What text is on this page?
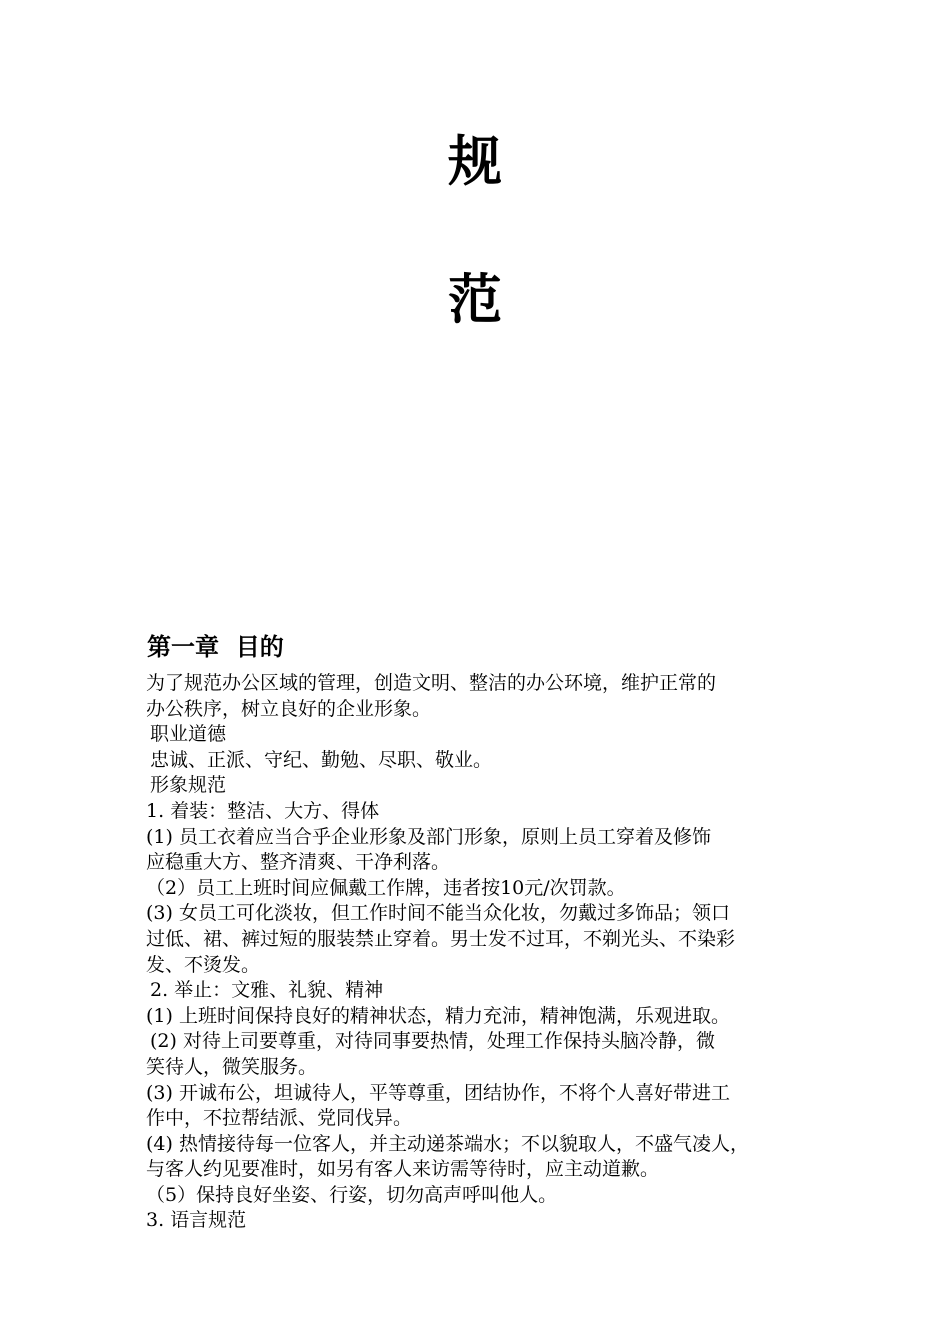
规
范
第一章  目的
为了规范办公区域的管理，创造文明、整洁的办公环境，维护正常的
办公秩序，树立良好的企业形象。
职业道德
忠诚、正派、守纪、勤勉、尽职、敬业。
形象规范
1. 着装：整洁、大方、得体
(1) 员工衣着应当合乎企业形象及部门形象，原则上员工穿着及修饰
应稳重大方、整齐清爽、干净利落。
（2）员工上班时间应佩戴工作牌，违者按10元/次罚款。
(3) 女员工可化淡妆，但工作时间不能当众化妆，勿戴过多饰品；领口
过低、裙、裤过短的服装禁止穿着。男士发不过耳，不剃光头、不染彩
发、不烫发。
2. 举止：文雅、礼貌、精神
(1) 上班时间保持良好的精神状态，精力充沛，精神饱满，乐观进取。
(2) 对待上司要尊重，对待同事要热情，处理工作保持头脑冷静，微
笑待人，微笑服务。
(3) 开诚布公，坦诚待人，平等尊重，团结协作，不将个人喜好带进工
作中，不拉帮结派、党同伐异。
(4) 热情接待每一位客人，并主动递茶端水；不以貌取人，不盛气凌人，
与客人约见要准时，如另有客人来访需等待时，应主动道歉。
（5）保持良好坐姿、行姿，切勿高声呼叫他人。
3. 语言规范
